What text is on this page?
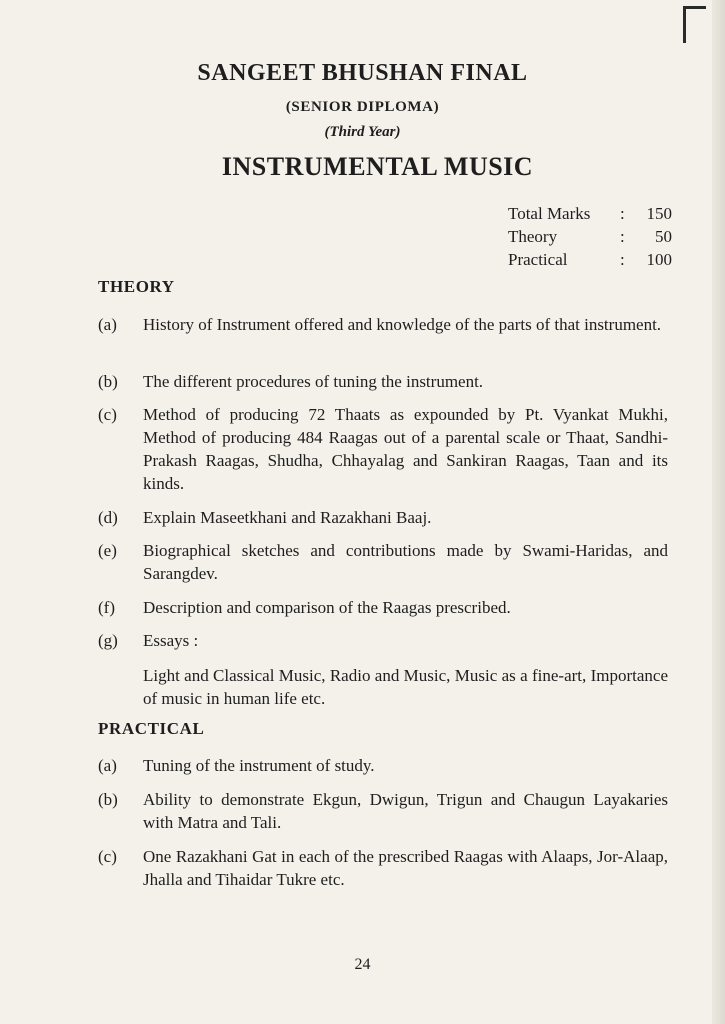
SANGEET BHUSHAN FINAL
(SENIOR DIPLOMA)
(Third Year)
INSTRUMENTAL MUSIC
Total Marks	:	150
Theory	:	50
Practical	:	100
THEORY
(a)	History of Instrument offered and knowledge of the parts of that instrument.
(b)	The different procedures of tuning the instrument.
(c)	Method of producing 72 Thaats as expounded by Pt. Vyankat Mukhi, Method of producing 484 Raagas out of a parental scale or Thaat, Sandhi-Prakash Raagas, Shudha, Chhayalag and Sankiran Raagas, Taan and its kinds.
(d)	Explain Maseetkhani and Razakhani Baaj.
(e)	Biographical sketches and contributions made by Swami-Haridas, and Sarangdev.
(f)	Description and comparison of the Raagas prescribed.
(g)	Essays :
Light and Classical Music, Radio and Music, Music as a fine-art, Importance of music in human life etc.
PRACTICAL
(a)	Tuning of the instrument of study.
(b)	Ability to demonstrate Ekgun, Dwigun, Trigun and Chaugun Layakaries with Matra and Tali.
(c)	One Razakhani Gat in each of the prescribed Raagas with Alaaps, Jor-Alaap, Jhalla and Tihaidar Tukre etc.
24
